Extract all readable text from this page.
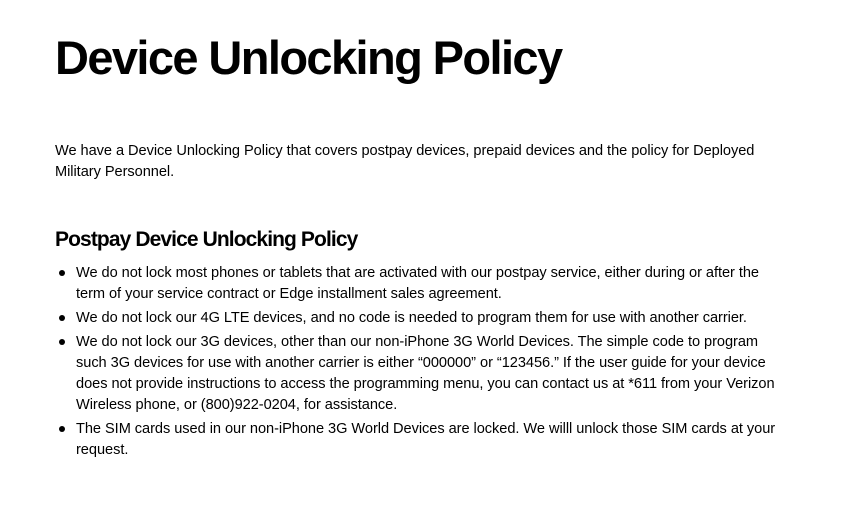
Device Unlocking Policy

We have a Device Unlocking Policy that covers postpay devices, prepaid devices and the policy for Deployed Military Personnel.

Postpay Device Unlocking Policy
We do not lock most phones or tablets that are activated with our postpay service, either during or after the term of your service contract or Edge installment sales agreement.
We do not lock our 4G LTE devices, and no code is needed to program them for use with another carrier.
We do not lock our 3G devices, other than our non-iPhone 3G World Devices. The simple code to program such 3G devices for use with another carrier is either “000000” or “123456.” If the user guide for your device does not provide instructions to access the programming menu, you can contact us at *611 from your Verizon Wireless phone, or (800)922-0204, for assistance.
The SIM cards used in our non-iPhone 3G World Devices are locked. We willl unlock those SIM cards at your request.
